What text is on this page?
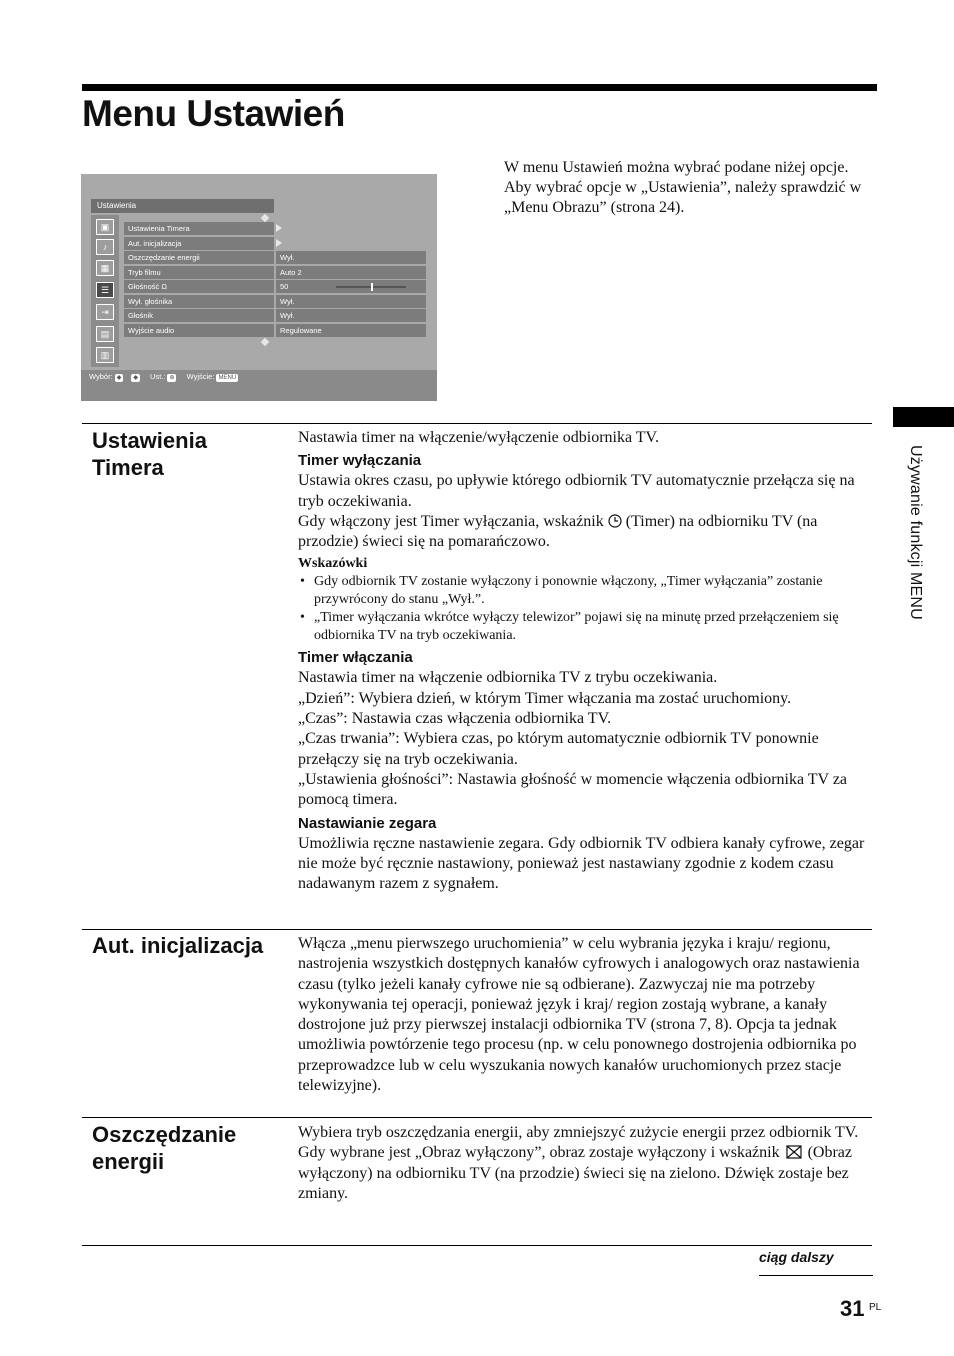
Menu Ustawień
W menu Ustawień można wybrać podane niżej opcje. Aby wybrać opcje w „Ustawienia”, należy sprawdzić w „Menu Obrazu” (strona 24).
Ustawienia
▣
♪
▦
☰
⇥
▤
▥
Ustawienia Timera
Aut. inicjalizacja
Oszczędzanie energii	Wył.
Tryb filmu	Auto 2
Głośność Ω	50
Wył. głośnika	Wył.
Głośnik	Wył.
Wyjście audio	Regulowane
Wybór: ◆ ◆ Ust.: ⊕ Wyjście: MENU
Ustawienia Timera

Nastawia timer na włączenie/wyłączenie odbiornika TV.

Timer wyłączania

Ustawia okres czasu, po upływie którego odbiornik TV automatycznie przełącza się na tryb oczekiwania.

Gdy włączony jest Timer wyłączania, wskaźnik (Timer) na odbiorniku TV (na przodzie) świeci się na pomarańczowo.

Wskazówki

• Gdy odbiornik TV zostanie wyłączony i ponownie włączony, „Timer wyłączania” zostanie przywrócony do stanu „Wył.”.

• „Timer wyłączania wkrótce wyłączy telewizor” pojawi się na minutę przed przełączeniem się odbiornika TV na tryb oczekiwania.

Timer włączania

Nastawia timer na włączenie odbiornika TV z trybu oczekiwania.

„Dzień”: Wybiera dzień, w którym Timer włączania ma zostać uruchomiony.

„Czas”: Nastawia czas włączenia odbiornika TV.

„Czas trwania”: Wybiera czas, po którym automatycznie odbiornik TV ponownie przełączy się na tryb oczekiwania.

„Ustawienia głośności”: Nastawia głośność w momencie włączenia odbiornika TV za pomocą timera.

Nastawianie zegara

Umożliwia ręczne nastawienie zegara. Gdy odbiornik TV odbiera kanały cyfrowe, zegar nie może być ręcznie nastawiony, ponieważ jest nastawiany zgodnie z kodem czasu nadawanym razem z sygnałem.

Aut. inicjalizacja	Włącza „menu pierwszego uruchomienia” w celu wybrania języka i kraju/ regionu, nastrojenia wszystkich dostępnych kanałów cyfrowych i analogowych oraz nastawienia czasu (tylko jeżeli kanały cyfrowe nie są odbierane). Zazwyczaj nie ma potrzeby wykonywania tej operacji, ponieważ język i kraj/ region zostają wybrane, a kanały dostrojone już przy pierwszej instalacji odbiornika TV (strona 7, 8). Opcja ta jednak umożliwia powtórzenie tego procesu (np. w celu ponownego dostrojenia odbiornika po przeprowadzce lub w celu wyszukania nowych kanałów uruchomionych przez stacje telewizyjne).
Oszczędzanie energii

Wybiera tryb oszczędzania energii, aby zmniejszyć zużycie energii przez odbiornik TV.

Gdy wybrane jest „Obraz wyłączony”, obraz zostaje wyłączony i wskaźnik (Obraz wyłączony) na odbiorniku TV (na przodzie) świeci się na zielono. Dźwięk zostaje bez zmiany.

Używanie funkcji MENU
ciąg dalszy
31 PL
